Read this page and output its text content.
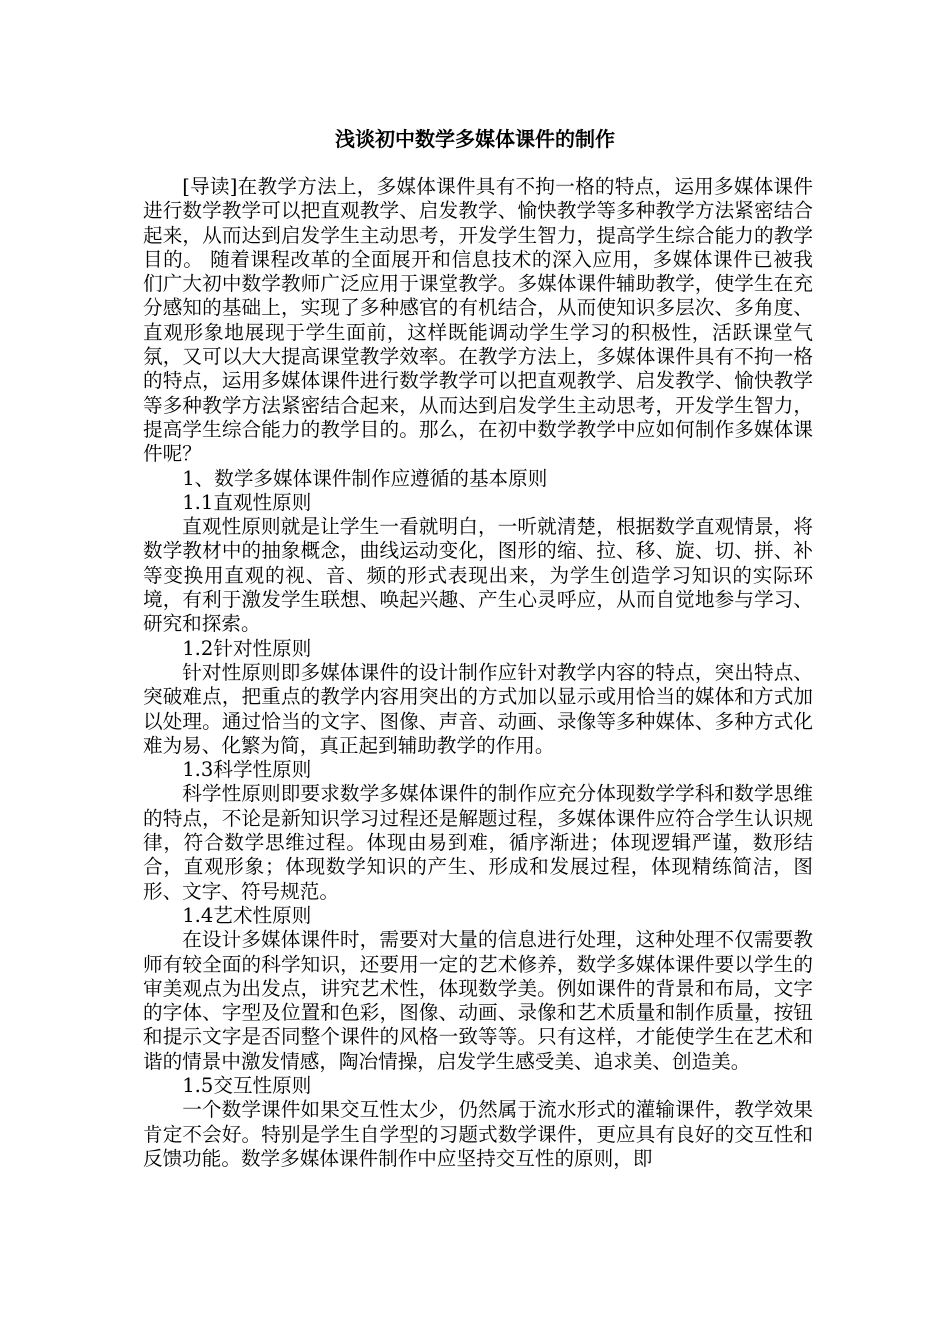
浅谈初中数学多媒体课件的制作

[导读]在教学方法上，多媒体课件具有不拘一格的特点，运用多媒体课件进行数学教学可以把直观教学、启发教学、愉快教学等多种教学方法紧密结合起来，从而达到启发学生主动思考，开发学生智力，提高学生综合能力的教学目的。 随着课程改革的全面展开和信息技术的深入应用，多媒体课件已被我们广大初中数学教师广泛应用于课堂教学。多媒体课件辅助教学，使学生在充分感知的基础上，实现了多种感官的有机结合，从而使知识多层次、多角度、直观形象地展现于学生面前，这样既能调动学生学习的积极性，活跃课堂气氛，又可以大大提高课堂教学效率。在教学方法上，多媒体课件具有不拘一格的特点，运用多媒体课件进行数学教学可以把直观教学、启发教学、愉快教学等多种教学方法紧密结合起来，从而达到启发学生主动思考，开发学生智力，提高学生综合能力的教学目的。那么，在初中数学教学中应如何制作多媒体课件呢？

1、数学多媒体课件制作应遵循的基本原则

1.1直观性原则

直观性原则就是让学生一看就明白，一听就清楚，根据数学直观情景，将数学教材中的抽象概念，曲线运动变化，图形的缩、拉、移、旋、切、拼、补等变换用直观的视、音、频的形式表现出来，为学生创造学习知识的实际环境，有利于激发学生联想、唤起兴趣、产生心灵呼应，从而自觉地参与学习、研究和探索。

1.2针对性原则

针对性原则即多媒体课件的设计制作应针对教学内容的特点，突出特点、突破难点，把重点的教学内容用突出的方式加以显示或用恰当的媒体和方式加以处理。通过恰当的文字、图像、声音、动画、录像等多种媒体、多种方式化难为易、化繁为简，真正起到辅助教学的作用。

1.3科学性原则

科学性原则即要求数学多媒体课件的制作应充分体现数学学科和数学思维的特点，不论是新知识学习过程还是解题过程，多媒体课件应符合学生认识规律，符合数学思维过程。体现由易到难，循序渐进；体现逻辑严谨，数形结合，直观形象；体现数学知识的产生、形成和发展过程，体现精练简洁，图形、文字、符号规范。

1.4艺术性原则

在设计多媒体课件时，需要对大量的信息进行处理，这种处理不仅需要教师有较全面的科学知识，还要用一定的艺术修养，数学多媒体课件要以学生的审美观点为出发点，讲究艺术性，体现数学美。例如课件的背景和布局，文字的字体、字型及位置和色彩，图像、动画、录像和艺术质量和制作质量，按钮和提示文字是否同整个课件的风格一致等等。只有这样，才能使学生在艺术和谐的情景中激发情感，陶冶情操，启发学生感受美、追求美、创造美。

1.5交互性原则

一个数学课件如果交互性太少，仍然属于流水形式的灌输课件，教学效果肯定不会好。特别是学生自学型的习题式数学课件，更应具有良好的交互性和反馈功能。数学多媒体课件制作中应坚持交互性的原则，即
